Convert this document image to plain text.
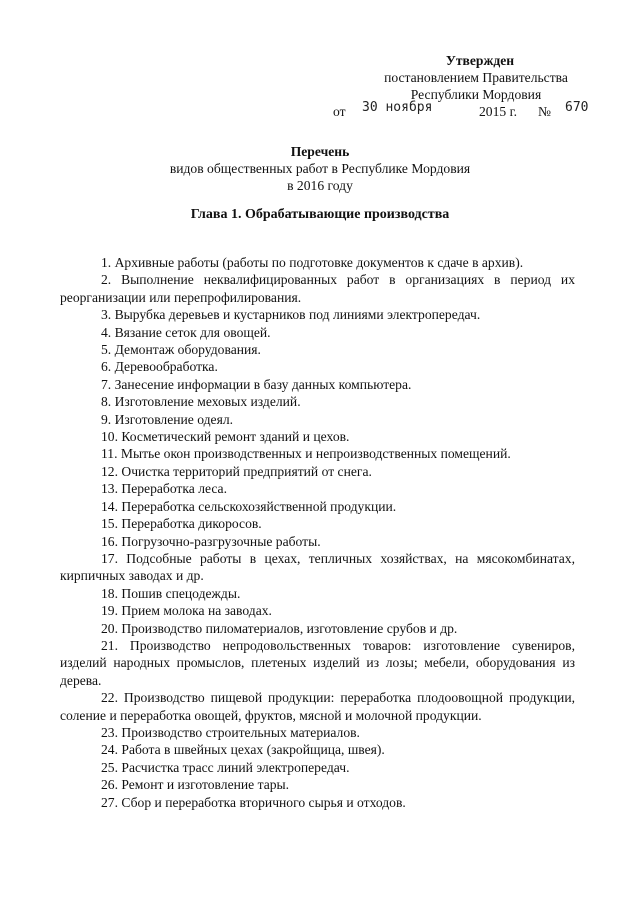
Утвержден
постановлением Правительства
Республики Мордовия
от 30 ноября	2015 г. № 670
Перечень
видов общественных работ в Республике Мордовия
в 2016 году
Глава 1. Обрабатывающие производства

1. Архивные работы (работы по подготовке документов к сдаче в архив).

2. Выполнение неквалифицированных работ в организациях в период их реорганизации или перепрофилирования.

3. Вырубка деревьев и кустарников под линиями электропередач.

4. Вязание сеток для овощей.

5. Демонтаж оборудования.

6. Деревообработка.

7. Занесение информации в базу данных компьютера.

8. Изготовление меховых изделий.

9. Изготовление одеял.

10. Косметический ремонт зданий и цехов.

11. Мытье окон производственных и непроизводственных помещений.

12. Очистка территорий предприятий от снега.

13. Переработка леса.

14. Переработка сельскохозяйственной продукции.

15. Переработка дикоросов.

16. Погрузочно-разгрузочные работы.

17. Подсобные работы в цехах, тепличных хозяйствах, на мясокомбинатах, кирпичных заводах и др.

18. Пошив спецодежды.

19. Прием молока на заводах.

20. Производство пиломатериалов, изготовление срубов и др.

21. Производство непродовольственных товаров: изготовление сувениров, изделий народных промыслов, плетеных изделий из лозы; мебели, оборудования из дерева.

22. Производство пищевой продукции: переработка плодоовощной продукции, соление и переработка овощей, фруктов, мясной и молочной продукции.

23. Производство строительных материалов.

24. Работа в швейных цехах (закройщица, швея).

25. Расчистка трасс линий электропередач.

26. Ремонт и изготовление тары.

27. Сбор и переработка вторичного сырья и отходов.
